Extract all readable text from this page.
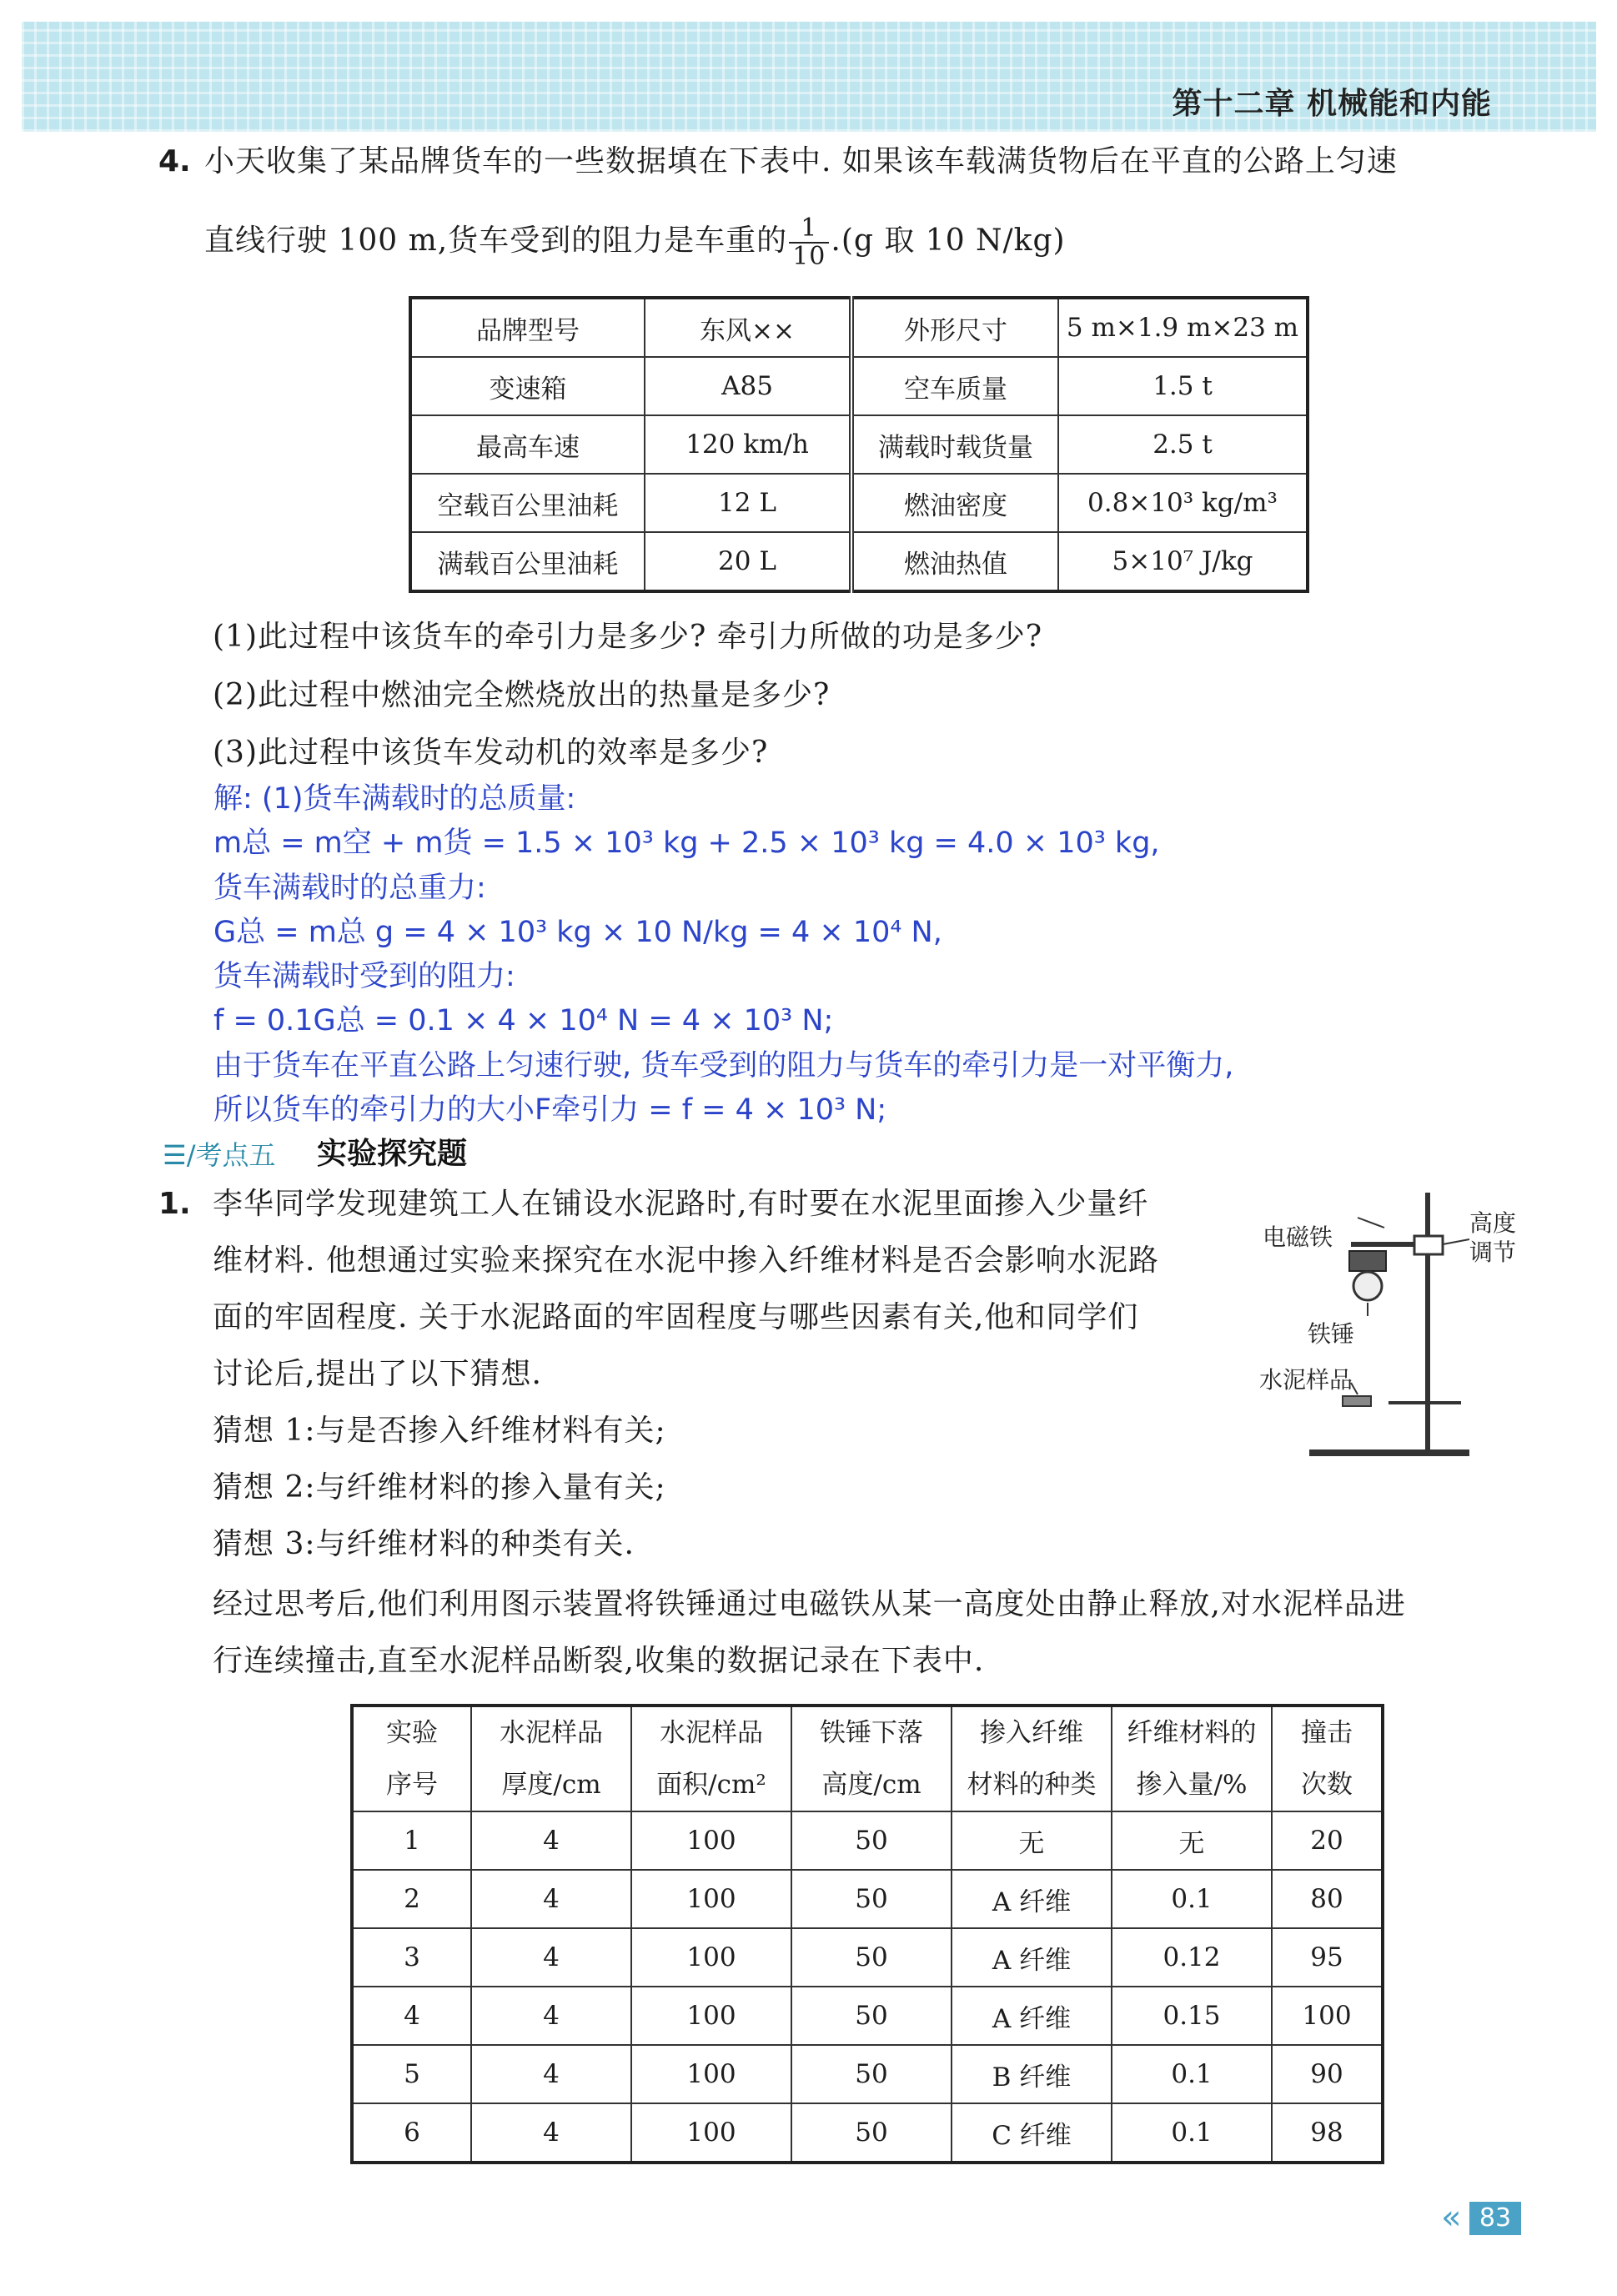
第十二章 机械能和内能
4. 小天收集了某品牌货车的一些数据填在下表中. 如果该车载满货物后在平直的公路上匀速
直线行驶 100 m,货车受到的阻力是车重的 $\frac{1}{10} .(g$ 取 10 N/kg)
品牌型号	东风××	外形尺寸	5 m×1.9 m×23 m
变速箱	A85	空车质量	1.5 t
最高车速	120 km/h	满载时载货量	2.5 t
空载百公里油耗	12 L	燃油密度	0.8×10³ kg/m³
满载百公里油耗	20 L	燃油热值	5×10⁷ J/kg
(1)此过程中该货车的牵引力是多少? 牵引力所做的功是多少?
(2)此过程中燃油完全燃烧放出的热量是多少?
(3)此过程中该货车发动机的效率是多少?
解: (1)货车满载时的总质量:
m总 = m空 + m货 = 1.5 × 10³ kg + 2.5 × 10³ kg = 4.0 × 10³ kg,
货车满载时的总重力:
G总 = m总 g = 4 × 10³ kg × 10 N/kg = 4 × 10⁴ N,
货车满载时受到的阻力:
f = 0.1G总 = 0.1 × 4 × 10⁴ N = 4 × 10³ N;
由于货车在平直公路上匀速行驶, 货车受到的阻力与货车的牵引力是一对平衡力,
所以货车的牵引力的大小F牵引力 = f = 4 × 10³ N;
☰/考点五 实验探究题
1. 李华同学发现建筑工人在铺设水泥路时,有时要在水泥里面掺入少量纤
维材料. 他想通过实验来探究在水泥中掺入纤维材料是否会影响水泥路
面的牢固程度. 关于水泥路面的牢固程度与哪些因素有关,他和同学们
讨论后,提出了以下猜想.
猜想 1:与是否掺入纤维材料有关;
猜想 2:与纤维材料的掺入量有关;
猜想 3:与纤维材料的种类有关.
经过思考后,他们利用图示装置将铁锤通过电磁铁从某一高度处由静止释放,对水泥样品进
行连续撞击,直至水泥样品断裂,收集的数据记录在下表中.
电磁铁
高度
调节
铁锤
水泥样品
实验	水泥样品	水泥样品	铁锤下落	掺入纤维	纤维材料的	撞击
序号	厚度/cm	面积/cm²	高度/cm	材料的种类	掺入量/%	次数
1	4	100	50	无	无	20
2	4	100	50	A 纤维	0.1	80
3	4	100	50	A 纤维	0.12	95
4	4	100	50	A 纤维	0.15	100
5	4	100	50	B 纤维	0.1	90
6	4	100	50	C 纤维	0.1	98
« 83
